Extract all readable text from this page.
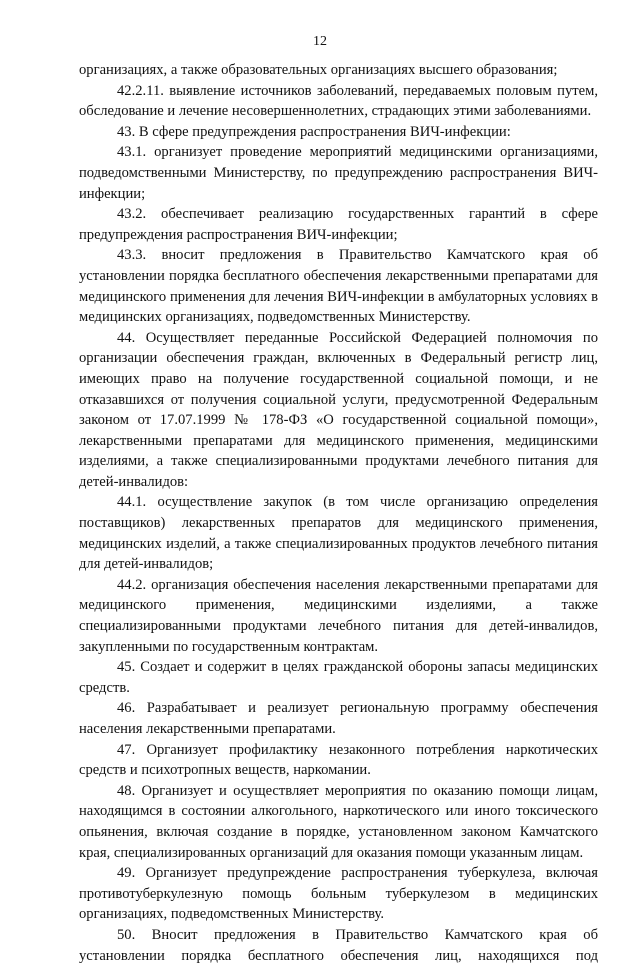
12

организациях, а также образовательных организациях высшего образования;

42.2.11. выявление источников заболеваний, передаваемых половым путем, обследование и лечение несовершеннолетних, страдающих этими заболеваниями.

43. В сфере предупреждения распространения ВИЧ-инфекции:

43.1. организует проведение мероприятий медицинскими организациями, подведомственными Министерству, по предупреждению распространения ВИЧ-инфекции;

43.2. обеспечивает реализацию государственных гарантий в сфере предупреждения распространения ВИЧ-инфекции;

43.3. вносит предложения в Правительство Камчатского края об установлении порядка бесплатного обеспечения лекарственными препаратами для медицинского применения для лечения ВИЧ-инфекции в амбулаторных условиях в медицинских организациях, подведомственных Министерству.

44. Осуществляет переданные Российской Федерацией полномочия по организации обеспечения граждан, включенных в Федеральный регистр лиц, имеющих право на получение государственной социальной помощи, и не отказавшихся от получения социальной услуги, предусмотренной Федеральным законом от 17.07.1999 № 178-ФЗ «О государственной социальной помощи», лекарственными препаратами для медицинского применения, медицинскими изделиями, а также специализированными продуктами лечебного питания для детей-инвалидов:

44.1. осуществление закупок (в том числе организацию определения поставщиков) лекарственных препаратов для медицинского применения, медицинских изделий, а также специализированных продуктов лечебного питания для детей-инвалидов;

44.2. организация обеспечения населения лекарственными препаратами для медицинского применения, медицинскими изделиями, а также специализированными продуктами лечебного питания для детей-инвалидов, закупленными по государственным контрактам.

45. Создает и содержит в целях гражданской обороны запасы медицинских средств.

46. Разрабатывает и реализует региональную программу обеспечения населения лекарственными препаратами.

47. Организует профилактику незаконного потребления наркотических средств и психотропных веществ, наркомании.

48. Организует и осуществляет мероприятия по оказанию помощи лицам, находящимся в состоянии алкогольного, наркотического или иного токсического опьянения, включая создание в порядке, установленном законом Камчатского края, специализированных организаций для оказания помощи указанным лицам.

49. Организует предупреждение распространения туберкулеза, включая противотуберкулезную помощь больным туберкулезом в медицинских организациях, подведомственных Министерству.

50. Вносит предложения в Правительство Камчатского края об установлении порядка бесплатного обеспечения лиц, находящихся под
